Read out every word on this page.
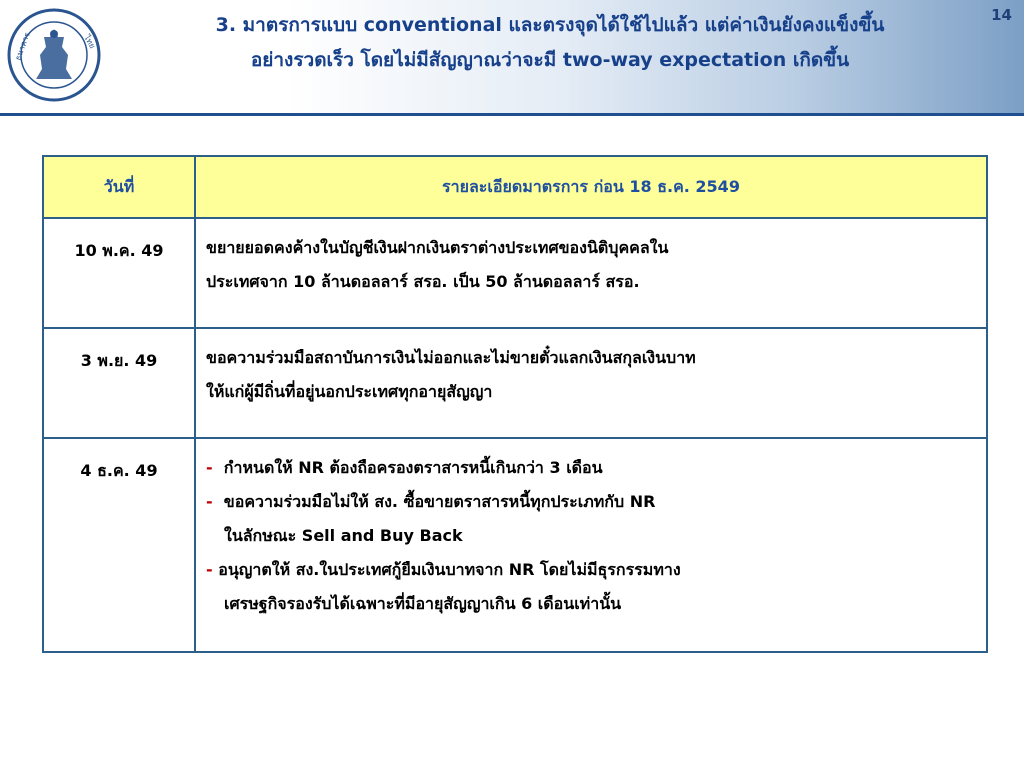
ธนาคาร	ไทย
3. มาตรการแบบ conventional และตรงจุดได้ใช้ไปแล้ว แต่ค่าเงินยังคงแข็งขึ้น
อย่างรวดเร็ว โดยไม่มีสัญญาณว่าจะมี two-way expectation เกิดขึ้น
14
วันที่	รายละเอียดมาตรการ ก่อน 18 ธ.ค. 2549
10 พ.ค. 49	ขยายยอดคงค้างในบัญชีเงินฝากเงินตราต่างประเทศของนิติบุคคลใน
ประเทศจาก 10 ล้านดอลลาร์ สรอ. เป็น 50 ล้านดอลลาร์ สรอ.

3 พ.ย. 49	ขอความร่วมมือสถาบันการเงินไม่ออกและไม่ขายตั๋วแลกเงินสกุลเงินบาท
ให้แก่ผู้มีถิ่นที่อยู่นอกประเทศทุกอายุสัญญา

4 ธ.ค. 49	- กำหนดให้ NR ต้องถือครองตราสารหนี้เกินกว่า 3 เดือน
- ขอความร่วมมือไม่ให้ สง. ซื้อขายตราสารหนี้ทุกประเภทกับ NR
ในลักษณะ Sell and Buy Back
- อนุญาตให้ สง.ในประเทศกู้ยืมเงินบาทจาก NR โดยไม่มีธุรกรรมทาง
เศรษฐกิจรองรับได้เฉพาะที่มีอายุสัญญาเกิน 6 เดือนเท่านั้น
